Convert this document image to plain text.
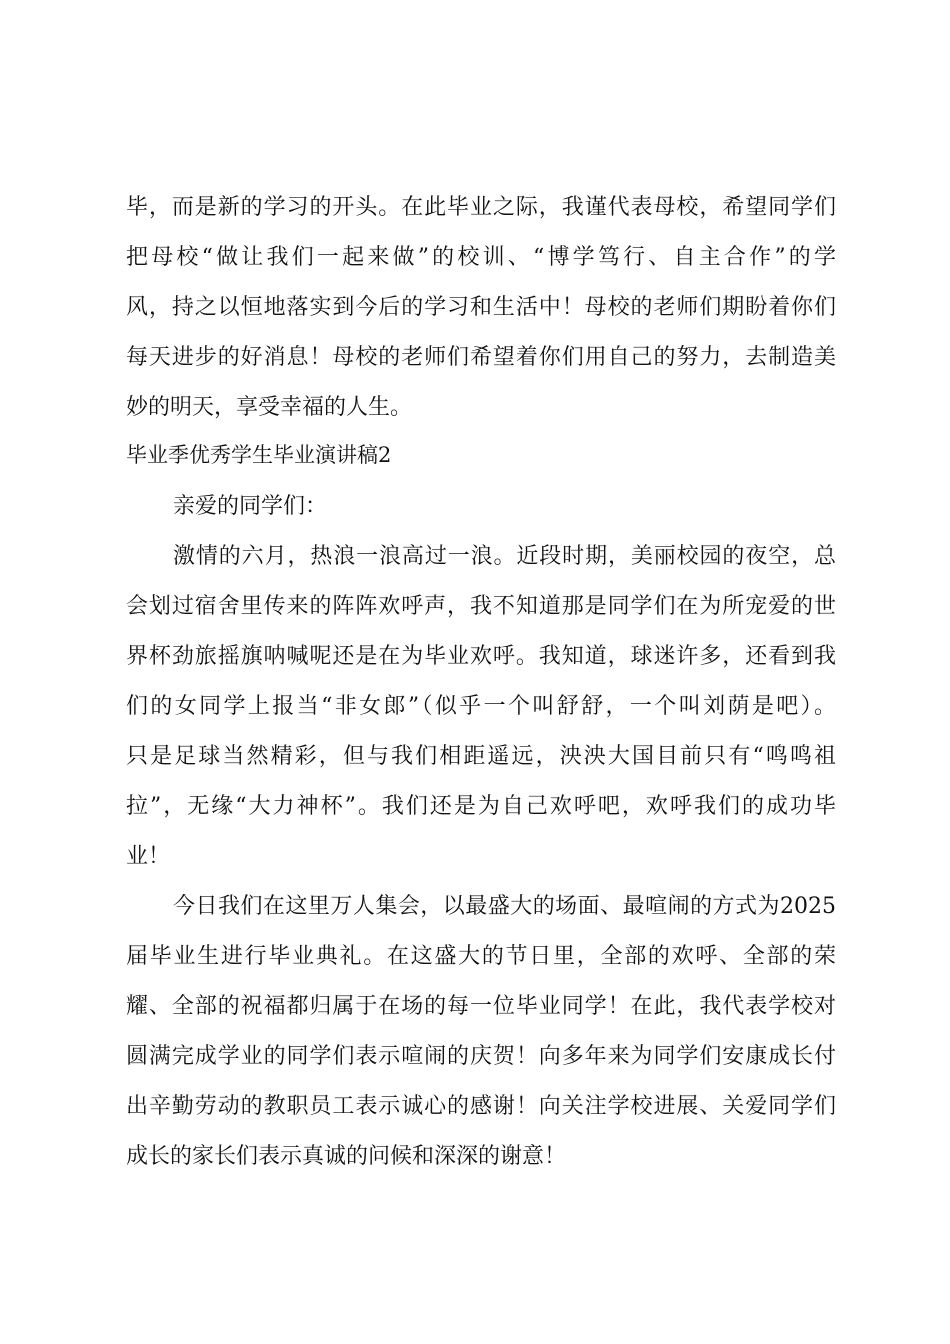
毕，而是新的学习的开头。在此毕业之际，我谨代表母校，希望同学们
把母校“做让我们一起来做”的校训、“博学笃行、自主合作”的学
风，持之以恒地落实到今后的学习和生活中！母校的老师们期盼着你们
每天进步的好消息！母校的老师们希望着你们用自己的努力，去制造美
妙的明天，享受幸福的人生。
毕业季优秀学生毕业演讲稿2
亲爱的同学们：
激情的六月，热浪一浪高过一浪。近段时期，美丽校园的夜空，总
会划过宿舍里传来的阵阵欢呼声，我不知道那是同学们在为所宠爱的世
界杯劲旅摇旗呐喊呢还是在为毕业欢呼。我知道，球迷许多，还看到我
们的女同学上报当“非女郎”（似乎一个叫舒舒，一个叫刘荫是吧）。
只是足球当然精彩，但与我们相距遥远，泱泱大国目前只有“鸣鸣祖
拉”，无缘“大力神杯”。我们还是为自己欢呼吧，欢呼我们的成功毕
业！
今日我们在这里万人集会，以最盛大的场面、最喧闹的方式为2025
届毕业生进行毕业典礼。在这盛大的节日里，全部的欢呼、全部的荣
耀、全部的祝福都归属于在场的每一位毕业同学！在此，我代表学校对
圆满完成学业的同学们表示喧闹的庆贺！向多年来为同学们安康成长付
出辛勤劳动的教职员工表示诚心的感谢！向关注学校进展、关爱同学们
成长的家长们表示真诚的问候和深深的谢意！
